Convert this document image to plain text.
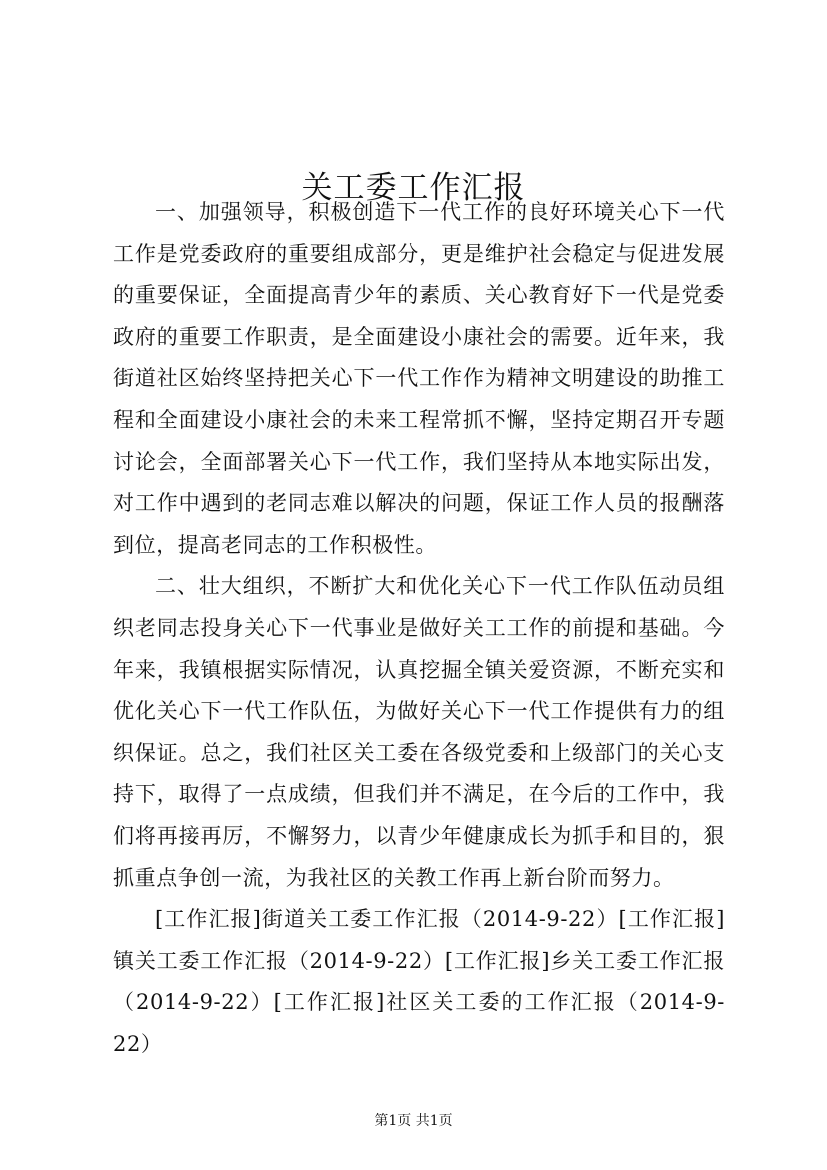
关工委工作汇报

一、加强领导，积极创造下一代工作的良好环境关心下一代工作是党委政府的重要组成部分，更是维护社会稳定与促进发展的重要保证，全面提高青少年的素质、关心教育好下一代是党委政府的重要工作职责，是全面建设小康社会的需要。近年来，我街道社区始终坚持把关心下一代工作作为精神文明建设的助推工程和全面建设小康社会的未来工程常抓不懈，坚持定期召开专题讨论会，全面部署关心下一代工作，我们坚持从本地实际出发，对工作中遇到的老同志难以解决的问题，保证工作人员的报酬落到位，提高老同志的工作积极性。

二、壮大组织，不断扩大和优化关心下一代工作队伍动员组织老同志投身关心下一代事业是做好关工工作的前提和基础。今年来，我镇根据实际情况，认真挖掘全镇关爱资源，不断充实和优化关心下一代工作队伍，为做好关心下一代工作提供有力的组织保证。总之，我们社区关工委在各级党委和上级部门的关心支持下，取得了一点成绩，但我们并不满足，在今后的工作中，我们将再接再厉，不懈努力，以青少年健康成长为抓手和目的，狠抓重点争创一流，为我社区的关教工作再上新台阶而努力。

[工作汇报]街道关工委工作汇报（2014-9-22）[工作汇报]镇关工委工作汇报（2014-9-22）[工作汇报]乡关工委工作汇报（2014-9-22）[工作汇报]社区关工委的工作汇报（2014-9-22）

第1页 共1页
